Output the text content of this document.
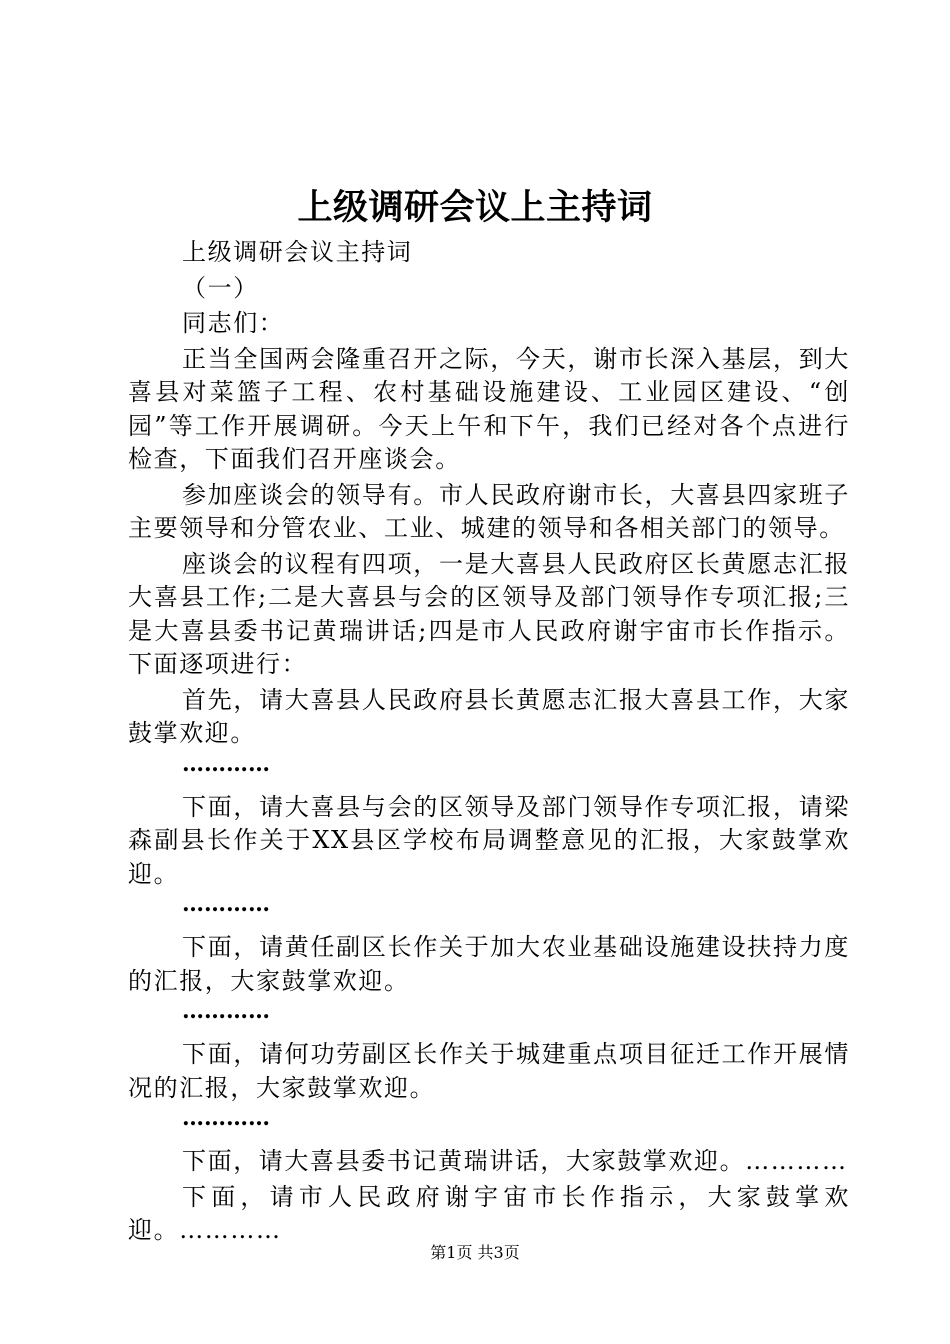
上级调研会议上主持词

上级调研会议主持词

（一）

同志们：

正当全国两会隆重召开之际，今天，谢市长深入基层，到大喜县对菜篮子工程、农村基础设施建设、工业园区建设、“创园”等工作开展调研。今天上午和下午，我们已经对各个点进行检查，下面我们召开座谈会。

参加座谈会的领导有。市人民政府谢市长，大喜县四家班子主要领导和分管农业、工业、城建的领导和各相关部门的领导。

座谈会的议程有四项，一是大喜县人民政府区长黄愿志汇报大喜县工作;二是大喜县与会的区领导及部门领导作专项汇报;三是大喜县委书记黄瑞讲话;四是市人民政府谢宇宙市长作指示。下面逐项进行：

首先，请大喜县人民政府县长黄愿志汇报大喜县工作，大家鼓掌欢迎。

…………

下面，请大喜县与会的区领导及部门领导作专项汇报，请梁森副县长作关于XX县区学校布局调整意见的汇报，大家鼓掌欢迎。

…………

下面，请黄任副区长作关于加大农业基础设施建设扶持力度的汇报，大家鼓掌欢迎。

…………

下面，请何功劳副区长作关于城建重点项目征迁工作开展情况的汇报，大家鼓掌欢迎。

…………

下面，请大喜县委书记黄瑞讲话，大家鼓掌欢迎。…………

下面，请市人民政府谢宇宙市长作指示，大家鼓掌欢迎。…………

第1页 共3页
